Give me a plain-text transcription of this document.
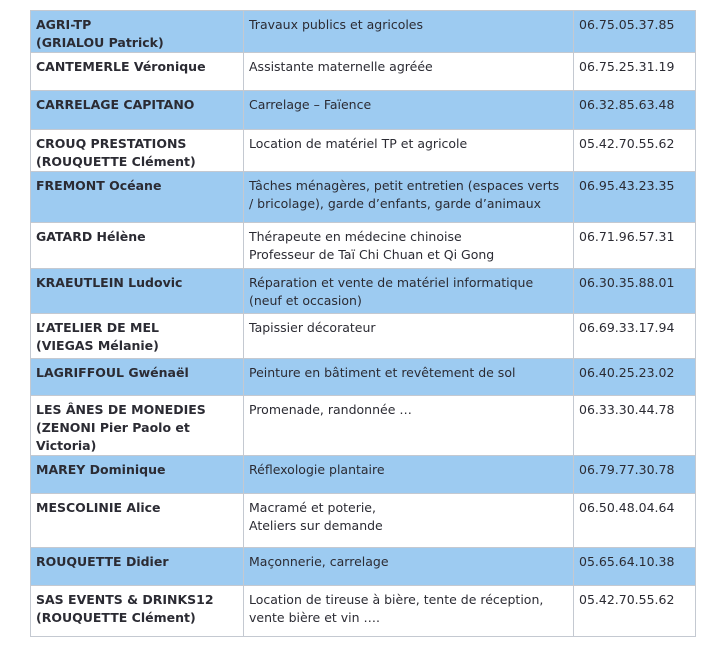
AGRI-TP
(GRIALOU Patrick)	Travaux publics et agricoles	06.75.05.37.85

CANTEMERLE Véronique	Assistante maternelle agréée	06.75.25.31.19

CARRELAGE CAPITANO	Carrelage – Faïence	06.32.85.63.48

CROUQ PRESTATIONS
(ROUQUETTE Clément)	Location de matériel TP et agricole	05.42.70.55.62

FREMONT Océane	Tâches ménagères, petit entretien (espaces verts
/ bricolage), garde d’enfants, garde d’animaux	06.95.43.23.35

GATARD Hélène	Thérapeute en médecine chinoise
Professeur de Taï Chi Chuan et Qi Gong	06.71.96.57.31

KRAEUTLEIN Ludovic	Réparation et vente de matériel informatique
(neuf et occasion)	06.30.35.88.01

L’ATELIER DE MEL
(VIEGAS Mélanie)	Tapissier décorateur	06.69.33.17.94

LAGRIFFOUL Gwénaël	Peinture en bâtiment et revêtement de sol	06.40.25.23.02

LES ÂNES DE MONEDIES
(ZENONI Pier Paolo et
Victoria)	Promenade, randonnée …	06.33.30.44.78

MAREY Dominique	Réflexologie plantaire	06.79.77.30.78

MESCOLINIE Alice	Macramé et poterie,
Ateliers sur demande	06.50.48.04.64

ROUQUETTE Didier	Maçonnerie, carrelage	05.65.64.10.38

SAS EVENTS & DRINKS12
(ROUQUETTE Clément)	Location de tireuse à bière, tente de réception,
vente bière et vin ….	05.42.70.55.62
